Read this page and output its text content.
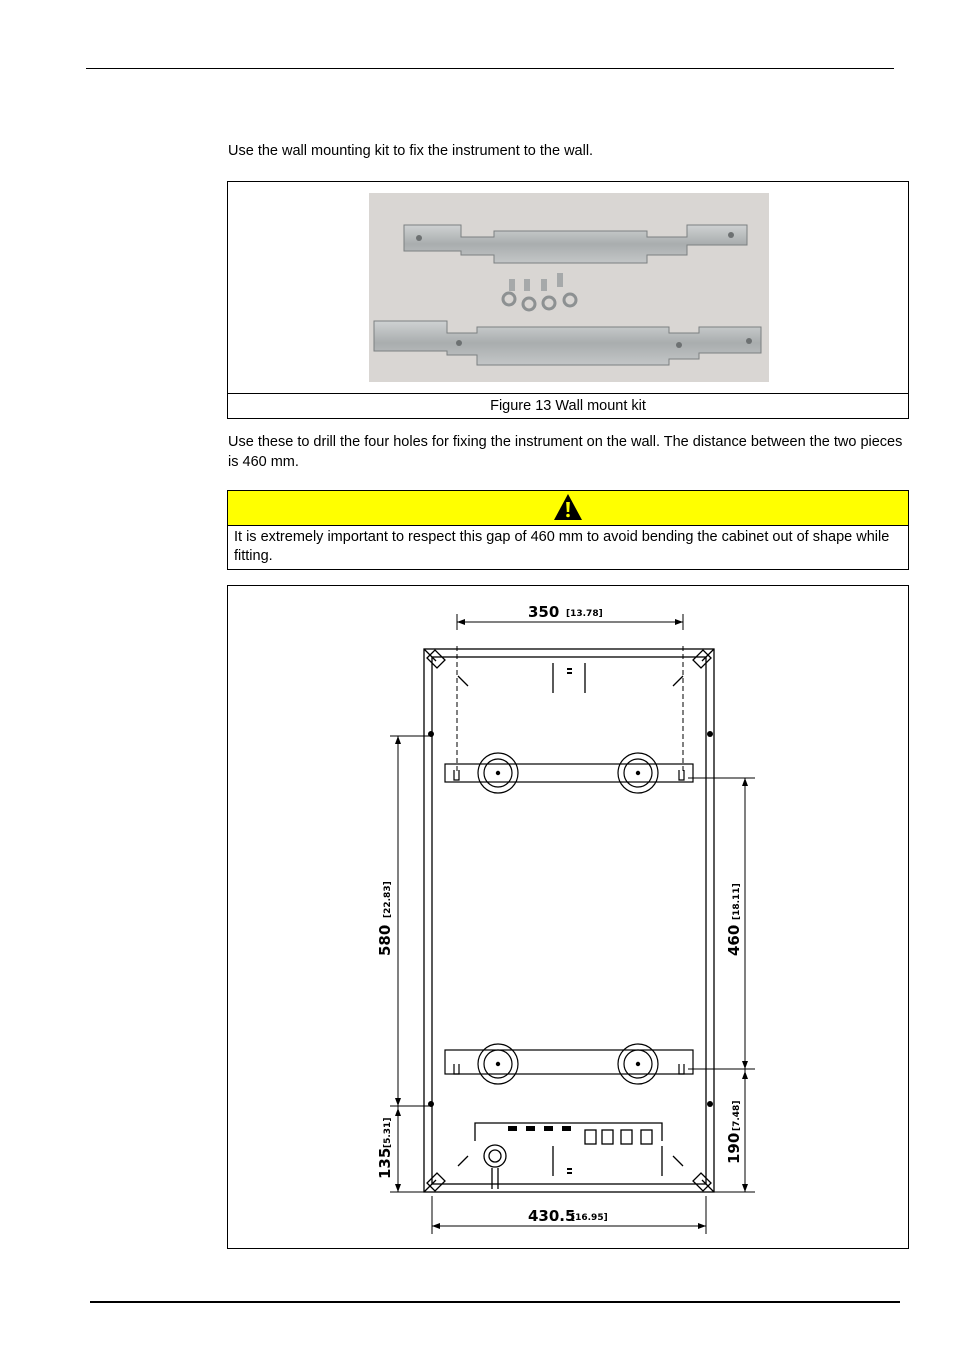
Use the wall mounting kit to fix the instrument to the wall.
Figure 13 Wall mount kit
Use these to drill the four holes for fixing the instrument on the wall. The distance between the two pieces is 460 mm.
It is extremely important to respect this gap of 460 mm to avoid bending the cabinet out of shape while fitting.
350 [13.78]
430.5
[16.95]
580
[22.83]
135
[5.31]
460
[18.11]
190
[7.48]
